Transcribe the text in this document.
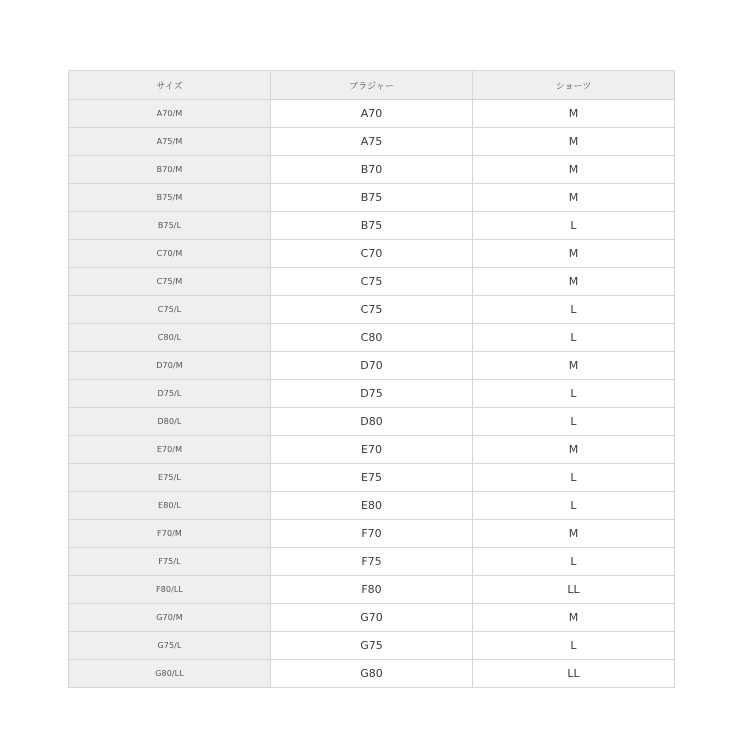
サイズ	ブラジャー	ショーツ
A70/M	A70	M
A75/M	A75	M
B70/M	B70	M
B75/M	B75	M
B75/L	B75	L
C70/M	C70	M
C75/M	C75	M
C75/L	C75	L
C80/L	C80	L
D70/M	D70	M
D75/L	D75	L
D80/L	D80	L
E70/M	E70	M
E75/L	E75	L
E80/L	E80	L
F70/M	F70	M
F75/L	F75	L
F80/LL	F80	LL
G70/M	G70	M
G75/L	G75	L
G80/LL	G80	LL
